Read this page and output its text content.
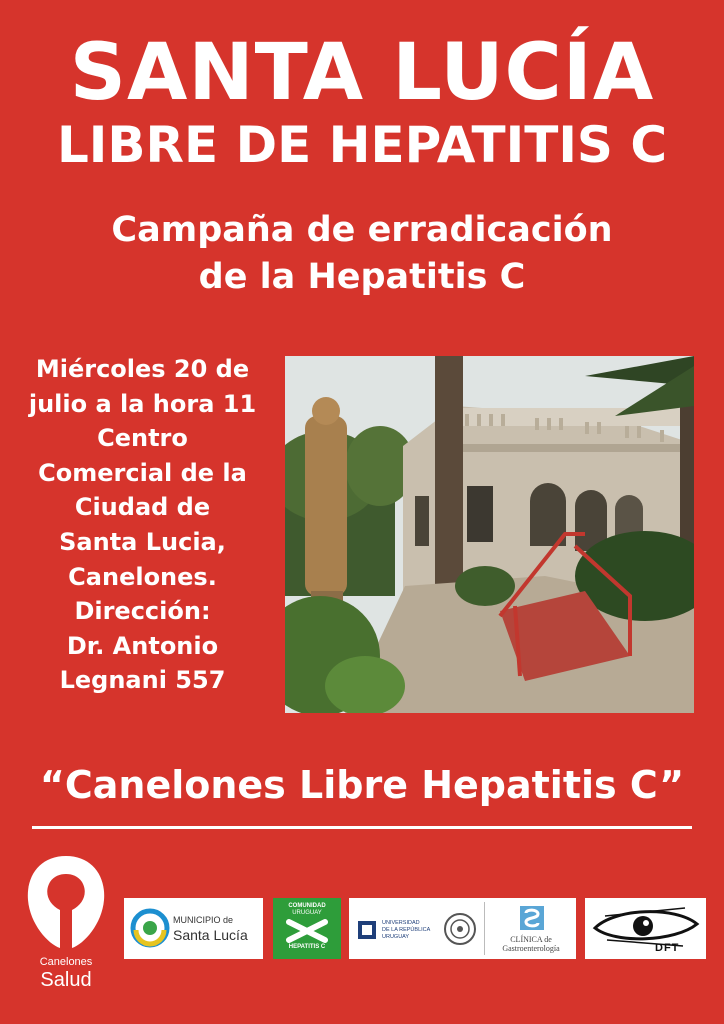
SANTA LUCÍA
LIBRE DE HEPATITIS C
Campaña de erradicación
de la Hepatitis C
Miércoles 20 de
julio a la hora 11
Centro
Comercial de la
Ciudad de
Santa Lucia,
Canelones.
Dirección:
Dr. Antonio
Legnani 557
“Canelones Libre Hepatitis C”
Canelones
Salud
MUNICIPIO de
Santa Lucía
COMUNIDAD
URUGUAY
HEPATITIS C
UNIVERSIDAD
DE LA REPÚBLICA
URUGUAY	CLÍNICA de
Gastroenterología	DFT
